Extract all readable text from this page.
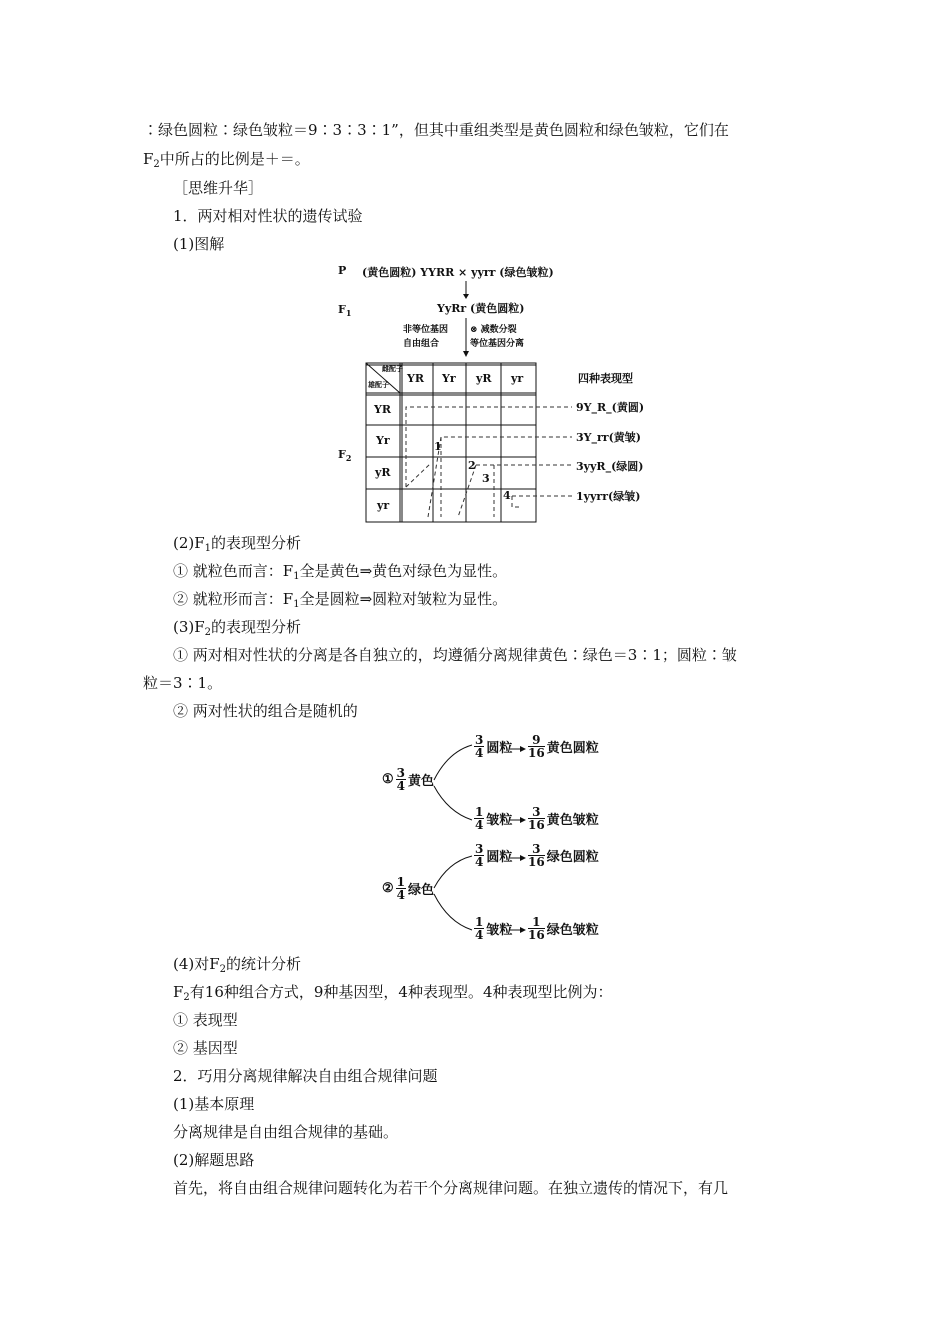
∶绿色圆粒∶绿色皱粒＝9∶3∶3∶1”，但其中重组类型是黄色圆粒和绿色皱粒，它们在
$F_2$中所占的比例是＋＝。
［思维升华］
1．两对相对性状的遗传试验
(1)图解
P (黄色圆粒) YYRR × yyrr (绿色皱粒)
$F_1$	YyRr (黄色圆粒)
非等位基因
自由组合
⊗ 减数分裂
等位基因分离
$F_2$
四种表现型
雌配子
雄配子 YR Yr yR yr
YR
Yr
yR
yr
1
2
3
4
9Y_R_(黄圆)
3Y_rr(黄皱)
3yyR_(绿圆)
1yyrr(绿皱)
$(2)F_1$的表现型分析
① 就粒色而言：$F_1$全是黄色⇒黄色对绿色为显性。
② 就粒形而言：$F_1$全是圆粒⇒圆粒对皱粒为显性。
$(3)F_2$的表现型分析
① 两对相对性状的分离是各自独立的，均遵循分离规律黄色∶绿色＝3∶1；圆粒∶皱
粒＝3∶1。
② 两对性状的组合是随机的
① $\frac{3}{4}$ 黄色
② $\frac{1}{4}$ 绿色
$\frac{3}{4}$ 圆粒 $\frac{9}{16}$ 黄色圆粒
$\frac{1}{4}$ 皱粒 $\frac{3}{16}$ 黄色皱粒
$\frac{3}{4}$ 圆粒 $\frac{3}{16}$ 绿色圆粒
$\frac{1}{4}$ 皱粒 $\frac{1}{16}$ 绿色皱粒
(4)对$F_2$的统计分析
$F_2$有16种组合方式，9种基因型，4种表现型。4种表现型比例为：
① 表现型
② 基因型
2．巧用分离规律解决自由组合规律问题
(1)基本原理
分离规律是自由组合规律的基础。
(2)解题思路
首先，将自由组合规律问题转化为若干个分离规律问题。在独立遗传的情况下，有几
